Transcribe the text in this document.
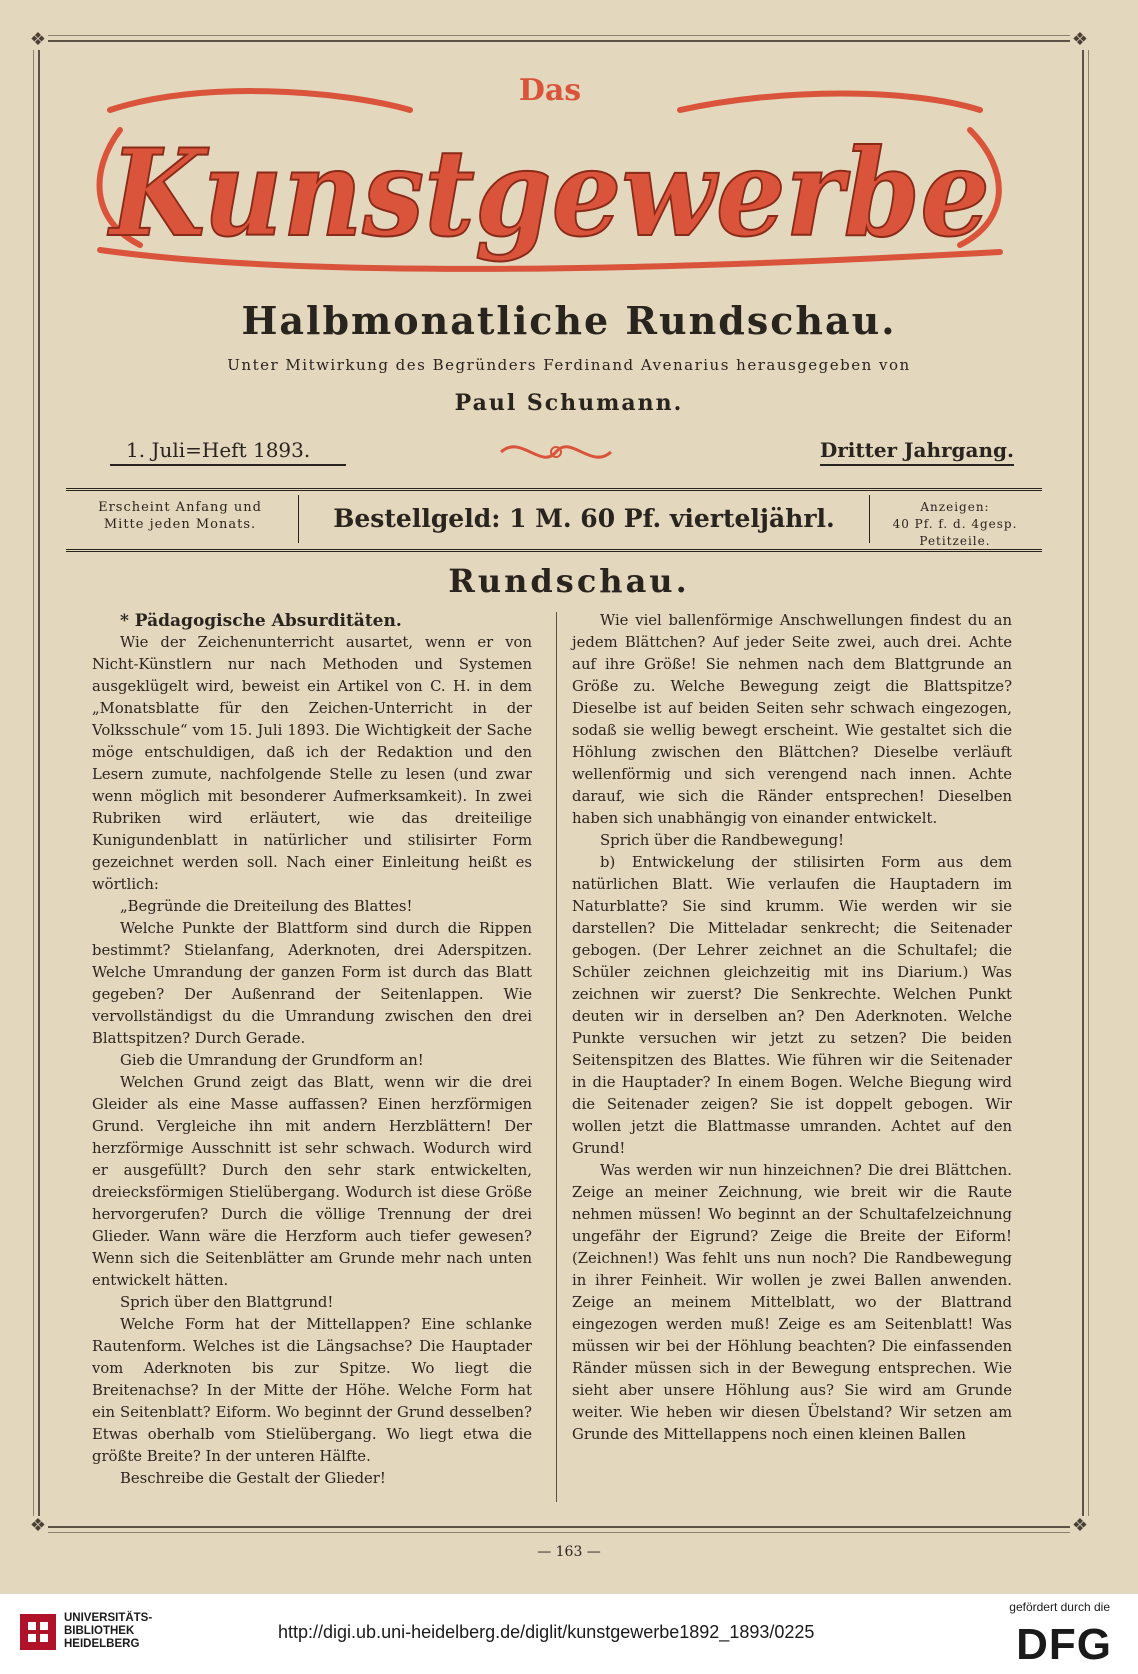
❖	❖
❖	❖
Das
Kunstgewerbe
Halbmonatliche Rundschau.
Unter Mitwirkung des Begründers Ferdinand Avenarius herausgegeben von
Paul Schumann.
1. Juli=Heft 1893.	Dritter Jahrgang.
Erscheint Anfang und
Mitte jeden Monats.	Bestellgeld: 1 M. 60 Pf. vierteljährl.	Anzeigen:
40 Pf. f. d. 4gesp. Petitzeile.
Rundschau.

* Pädagogische Absurditäten.

Wie der Zeichenunterricht ausartet, wenn er von Nicht-Künstlern nur nach Methoden und Systemen ausgeklügelt wird, beweist ein Artikel von C. H. in dem „Monatsblatte für den Zeichen-Unterricht in der Volksschule“ vom 15. Juli 1893. Die Wichtigkeit der Sache möge entschuldigen, daß ich der Redaktion und den Lesern zumute, nachfolgende Stelle zu lesen (und zwar wenn möglich mit besonderer Aufmerksamkeit). In zwei Rubriken wird erläutert, wie das dreiteilige Kunigundenblatt in natürlicher und stilisirter Form gezeichnet werden soll. Nach einer Einleitung heißt es wörtlich:

„Begründe die Dreiteilung des Blattes!

Welche Punkte der Blattform sind durch die Rippen bestimmt? Stielanfang, Aderknoten, drei Aderspitzen. Welche Umrandung der ganzen Form ist durch das Blatt gegeben? Der Außenrand der Seitenlappen. Wie vervollständigst du die Umrandung zwischen den drei Blattspitzen? Durch Gerade.

Gieb die Umrandung der Grundform an!

Welchen Grund zeigt das Blatt, wenn wir die drei Gleider als eine Masse auffassen? Einen herzförmigen Grund. Vergleiche ihn mit andern Herzblättern! Der herzförmige Ausschnitt ist sehr schwach. Wodurch wird er ausgefüllt? Durch den sehr stark entwickelten, dreiecksförmigen Stielübergang. Wodurch ist diese Größe hervorgerufen? Durch die völlige Trennung der drei Glieder. Wann wäre die Herzform auch tiefer gewesen? Wenn sich die Seitenblätter am Grunde mehr nach unten entwickelt hätten.

Sprich über den Blattgrund!

Welche Form hat der Mittellappen? Eine schlanke Rautenform. Welches ist die Längsachse? Die Hauptader vom Aderknoten bis zur Spitze. Wo liegt die Breitenachse? In der Mitte der Höhe. Welche Form hat ein Seitenblatt? Eiform. Wo beginnt der Grund desselben? Etwas oberhalb vom Stielübergang. Wo liegt etwa die größte Breite? In der unteren Hälfte.

Beschreibe die Gestalt der Glieder!

Wie viel ballenförmige Anschwellungen findest du an jedem Blättchen? Auf jeder Seite zwei, auch drei. Achte auf ihre Größe! Sie nehmen nach dem Blattgrunde an Größe zu. Welche Bewegung zeigt die Blattspitze? Dieselbe ist auf beiden Seiten sehr schwach eingezogen, sodaß sie wellig bewegt erscheint. Wie gestaltet sich die Höhlung zwischen den Blättchen? Dieselbe verläuft wellenförmig und sich verengend nach innen. Achte darauf, wie sich die Ränder entsprechen! Dieselben haben sich unabhängig von einander entwickelt.

Sprich über die Randbewegung!

b) Entwickelung der stilisirten Form aus dem natürlichen Blatt. Wie verlaufen die Hauptadern im Naturblatte? Sie sind krumm. Wie werden wir sie darstellen? Die Mitteladar senkrecht; die Seitenader gebogen. (Der Lehrer zeichnet an die Schultafel; die Schüler zeichnen gleichzeitig mit ins Diarium.) Was zeichnen wir zuerst? Die Senkrechte. Welchen Punkt deuten wir in derselben an? Den Aderknoten. Welche Punkte versuchen wir jetzt zu setzen? Die beiden Seitenspitzen des Blattes. Wie führen wir die Seitenader in die Hauptader? In einem Bogen. Welche Biegung wird die Seitenader zeigen? Sie ist doppelt gebogen. Wir wollen jetzt die Blattmasse umranden. Achtet auf den Grund!

Was werden wir nun hinzeichnen? Die drei Blättchen. Zeige an meiner Zeichnung, wie breit wir die Raute nehmen müssen! Wo beginnt an der Schultafelzeichnung ungefähr der Eigrund? Zeige die Breite der Eiform! (Zeichnen!) Was fehlt uns nun noch? Die Randbewegung in ihrer Feinheit. Wir wollen je zwei Ballen anwenden. Zeige an meinem Mittelblatt, wo der Blattrand eingezogen werden muß! Zeige es am Seitenblatt! Was müssen wir bei der Höhlung beachten? Die einfassenden Ränder müssen sich in der Bewegung entsprechen. Wie sieht aber unsere Höhlung aus? Sie wird am Grunde weiter. Wie heben wir diesen Übelstand? Wir setzen am Grunde des Mittellappens noch einen kleinen Ballen

— 163 —
UNIVERSITÄTS-
BIBLIOTHEK
HEIDELBERG
http://digi.ub.uni-heidelberg.de/diglit/kunstgewerbe1892_1893/0225
gefördert durch die
DFG
